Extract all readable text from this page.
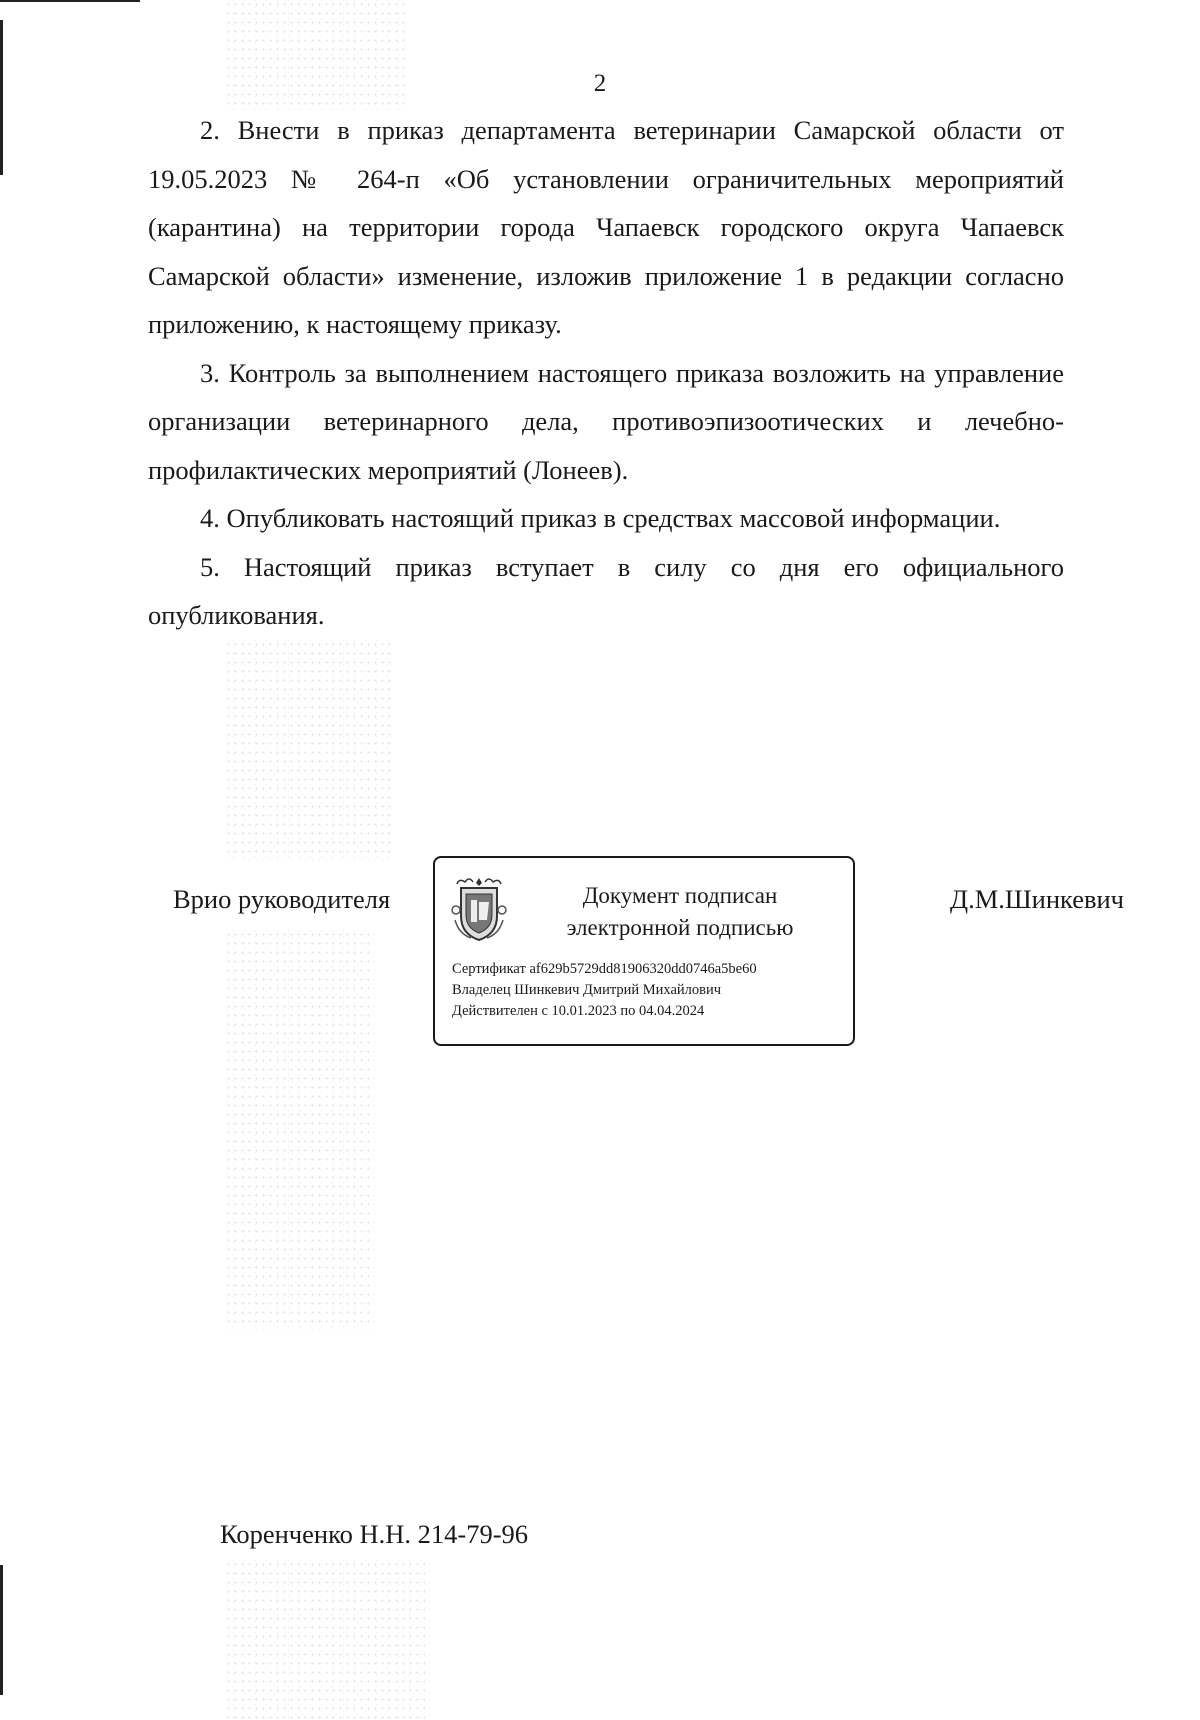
2

2. Внести в приказ департамента ветеринарии Самарской области от 19.05.2023 № 264-п «Об установлении ограничительных мероприятий (карантина) на территории города Чапаевск городского округа Чапаевск Самарской области» изменение, изложив приложение 1 в редакции согласно приложению, к настоящему приказу.

3. Контроль за выполнением настоящего приказа возложить на управление организации ветеринарного дела, противоэпизоотических и лечебно-профилактических мероприятий (Лонеев).

4. Опубликовать настоящий приказ в средствах массовой информации.

5. Настоящий приказ вступает в силу со дня его официального опубликования.

Врио руководителя	Документ подписан
электронной подписью
Сертификат af629b5729dd81906320dd0746a5be60
Владелец Шинкевич Дмитрий Михайлович
Действителен с 10.01.2023 по 04.04.2024
Д.М.Шинкевич
Коренченко Н.Н. 214-79-96
